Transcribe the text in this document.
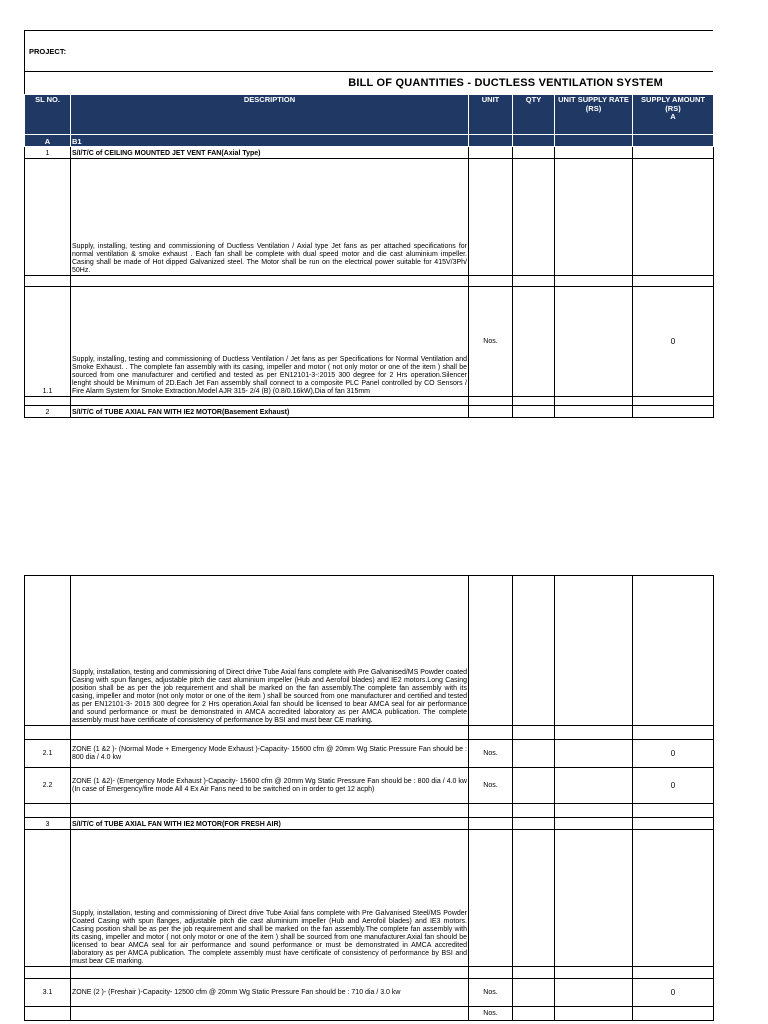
PROJECT:
BILL OF QUANTITIES - DUCTLESS VENTILATION SYSTEM
SL NO.	DESCRIPTION	UNIT	QTY	UNIT SUPPLY RATE (RS)	SUPPLY AMOUNT
(RS)
A

A	B1				
1	S/I/T/C of CEILING MOUNTED JET VENT FAN(Axial Type)				
	Supply, installing, testing and commissioning of Ductless Ventilation / Axial type Jet fans as per attached specifications for normal ventilation & smoke exhaust . Each fan shall be complete with dual speed motor and die cast aluminium impeller. Casing shall be made of Hot dipped Galvanized steel. The Motor shall be run on the electrical power suitable for 415V/3Ph/ 50Hz.				

1.1	Supply, installing, testing and commissioning of Ductless Ventilation / Jet fans as per Specifications for Normal Ventilation and Smoke Exhaust. . The complete fan assembly with its casing, impeller and motor ( not only motor or one of the item ) shall be sourced from one manufacturer and certified and tested as per EN12101-3-:2015 300 degree for 2 Hrs operation.Silencer lenght should be Minimum of 2D.Each Jet Fan assembly shall connect to a composite PLC Panel controlled by CO Sensors / Fire Alarm System for Smoke Extraction.Model AJR 315- 2/4 (B) (0.8/0.16kW),Dia of fan 315mm	Nos.			0

2	S/I/T/C of TUBE AXIAL FAN WITH IE2 MOTOR(Basement Exhaust)				
	Supply, installation, testing and commissioning of Direct drive Tube Axial fans complete with Pre Galvanised/MS Powder coated Casing with spun flanges, adjustable pitch die cast aluminium impeller (Hub and Aerofoil blades) and IE2 motors.Long Casing position shall be as per the job requirement and shall be marked on the fan assembly.The complete fan assembly with its casing, impeller and motor (not only motor or one of the item ) shall be sourced from one manufacturer and certified and tested as per EN12101-3- 2015 300 degree for 2 Hrs operation.Axial fan should be licensed to bear AMCA seal for air performance and sound performance or must be demonstrated in AMCA accredited laboratory as per AMCA publication. The complete assembly must have certificate of consistency of performance by BSI and must bear CE marking.				

2.1	ZONE (1 &2 )- (Normal Mode + Emergency Mode Exhaust )-Capacity- 15600 cfm @ 20mm Wg Static Pressure Fan should be : 800 dia / 4.0 kw	Nos.			0
2.2	ZONE (1 &2)- (Emergency Mode Exhaust )-Capacity- 15600 cfm @ 20mm Wg Static Pressure Fan should be : 800 dia / 4.0 kw (In case of Emergency/fire mode All 4 Ex Air Fans need to be switched on in order to get 12 acph)	Nos.			0

3	S/I/T/C of TUBE AXIAL FAN WITH IE2 MOTOR(FOR FRESH AIR)				
	Supply, installation, testing and commissioning of Direct drive Tube Axial fans complete with Pre Galvanised Steel/MS Powder Coated Casing with spun flanges, adjustable pitch die cast aluminium impeller (Hub and Aerofoil blades) and IE3 motors. Casing position shall be as per the job requirement and shall be marked on the fan assembly.The complete fan assembly with its casing, impeller and motor ( not only motor or one of the item ) shall be sourced from one manufacturer.Axial fan should be licensed to bear AMCA seal for air performance and sound performance or must be demonstrated in AMCA accredited laboratory as per AMCA publication. The complete assembly must have certificate of consistency of performance by BSI and must bear CE marking.				

3.1	ZONE (2 )- (Freshair )-Capacity- 12500 cfm @ 20mm Wg Static Pressure Fan should be : 710 dia / 3.0 kw	Nos.			0
		Nos.			
